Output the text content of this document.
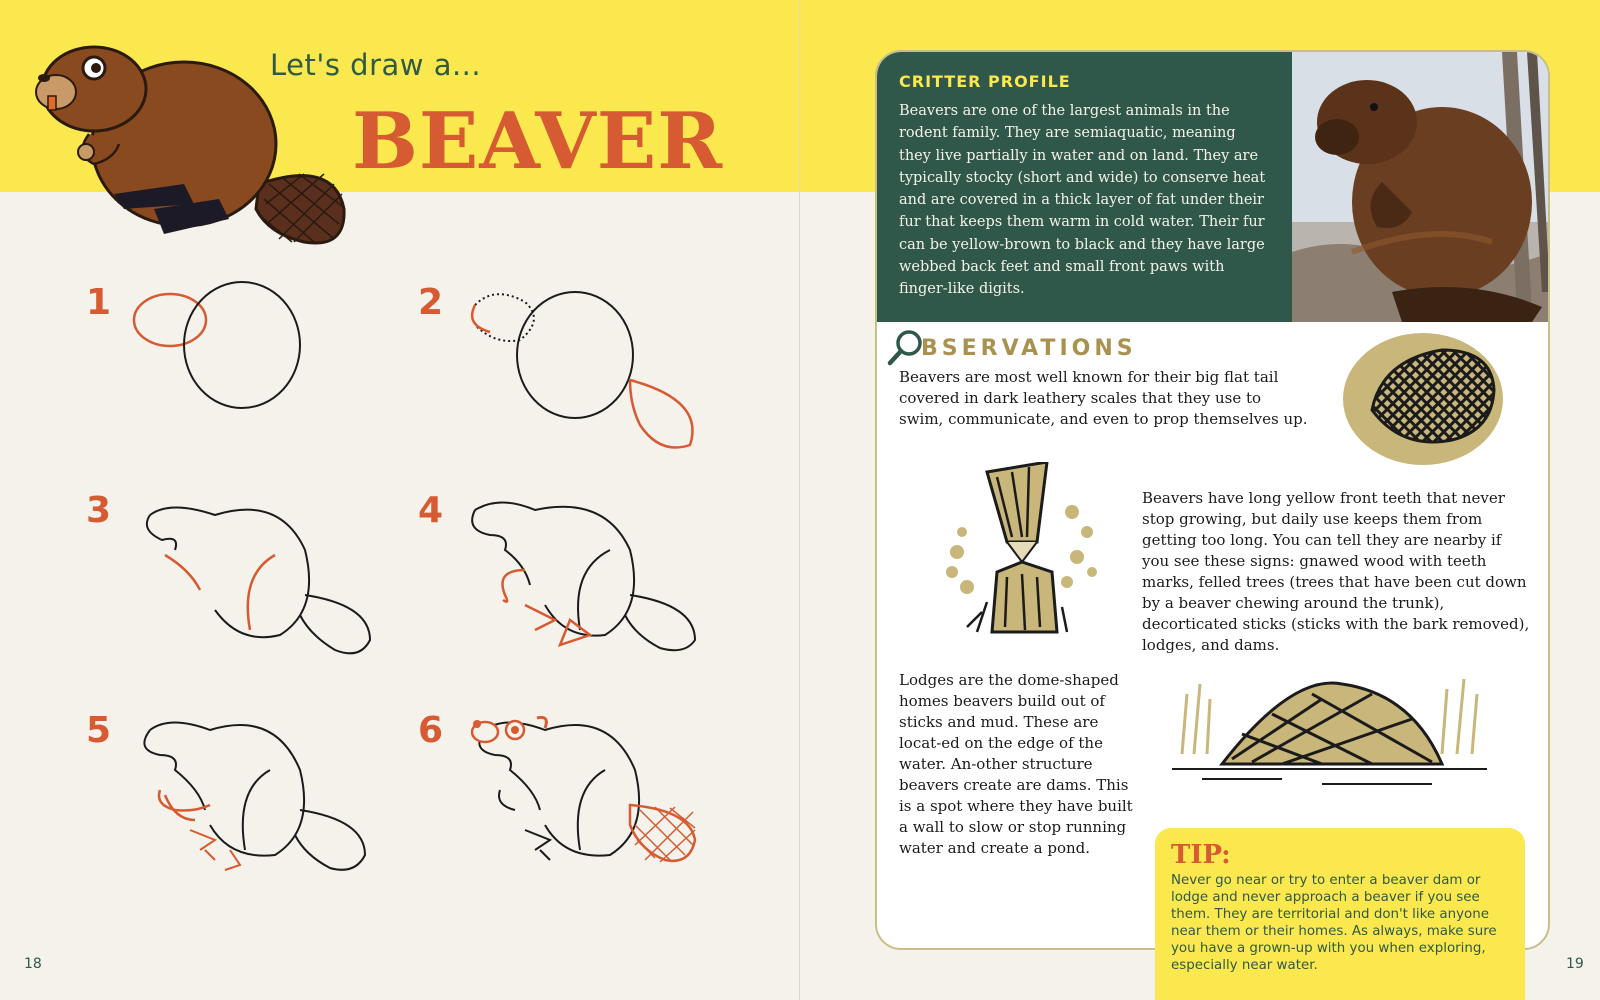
Let's draw a...
BEAVER
1	2
3	4
5	6
18
CRITTER PROFILE
Beavers are one of the largest animals in the rodent family. They are semiaquatic, meaning they live partially in water and on land. They are typically stocky (short and wide) to conserve heat and are covered in a thick layer of fat under their fur that keeps them warm in cold water. Their fur can be yellow-brown to black and they have large webbed back feet and small front paws with finger-like digits.
BSERVATIONS
Beavers are most well known for their big flat tail covered in dark leathery scales that they use to swim, communicate, and even to prop themselves up.
Beavers have long yellow front teeth that never stop growing, but daily use keeps them from getting too long. You can tell they are nearby if you see these signs: gnawed wood with teeth marks, felled trees (trees that have been cut down by a beaver chewing around the trunk), decorticated sticks (sticks with the bark removed), lodges, and dams.
Lodges are the dome-shaped homes beavers build out of sticks and mud. These are locat-ed on the edge of the water. An-other structure beavers create are dams. This is a spot where they have built a wall to slow or stop running water and create a pond.	TIP:
Never go near or try to enter a beaver dam or lodge and never approach a beaver if you see them. They are territorial and don't like anyone near them or their homes. As always, make sure you have a grown-up with you when exploring, especially near water.	19
